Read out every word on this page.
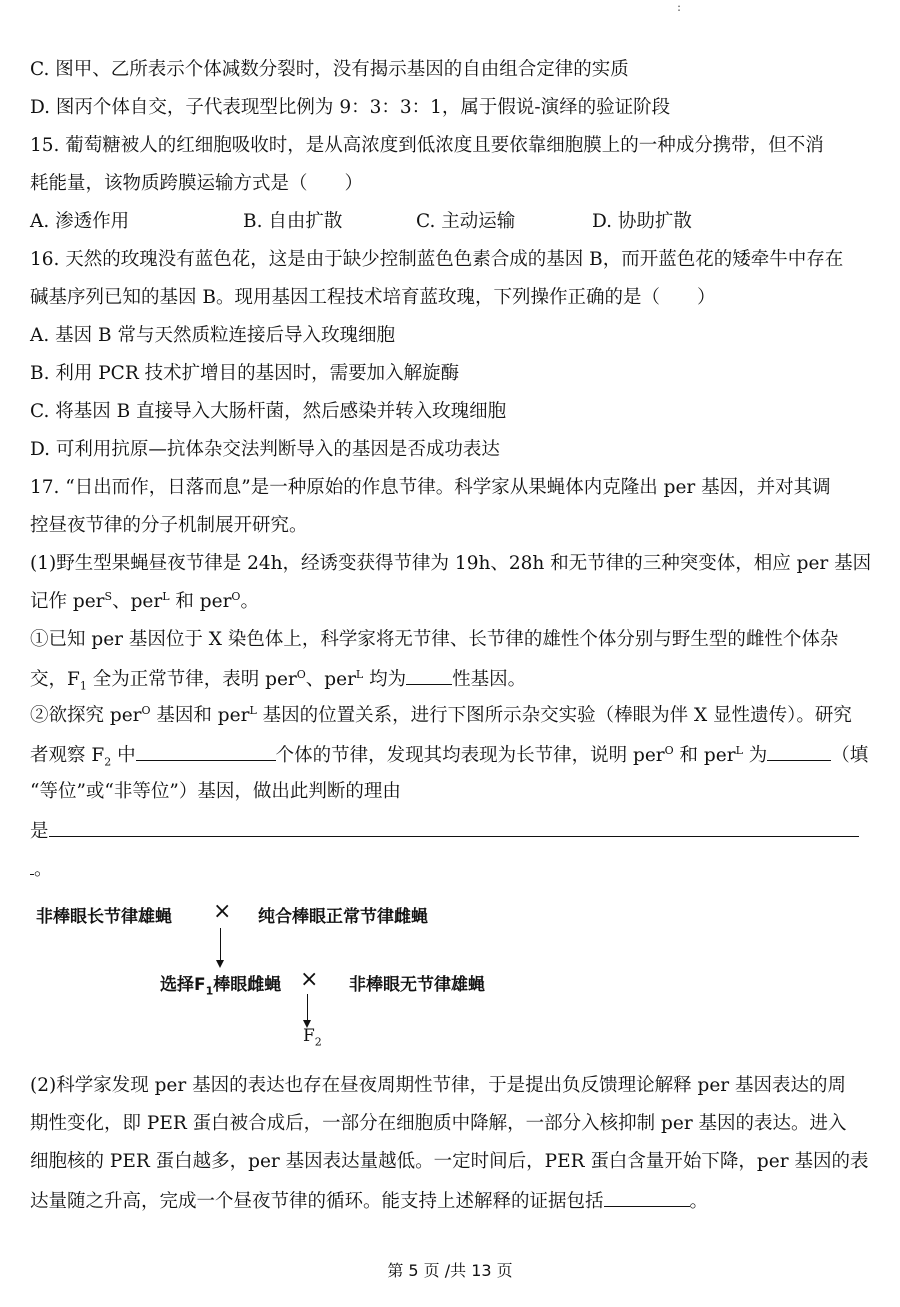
:
C. 图甲、乙所表示个体减数分裂时，没有揭示基因的自由组合定律的实质
D. 图丙个体自交，子代表现型比例为 9：3：3：1，属于假说-演绎的验证阶段
15. 葡萄糖被人的红细胞吸收时，是从高浓度到低浓度且要依靠细胞膜上的一种成分携带，但不消
耗能量，该物质跨膜运输方式是（　　）
A. 渗透作用	B. 自由扩散	C. 主动运输	D. 协助扩散
16. 天然的玫瑰没有蓝色花，这是由于缺少控制蓝色色素合成的基因 B，而开蓝色花的矮牵牛中存在
碱基序列已知的基因 B。现用基因工程技术培育蓝玫瑰，下列操作正确的是（　　）
A. 基因 B 常与天然质粒连接后导入玫瑰细胞
B. 利用 PCR 技术扩增目的基因时，需要加入解旋酶
C. 将基因 B 直接导入大肠杆菌，然后感染并转入玫瑰细胞
D. 可利用抗原—抗体杂交法判断导入的基因是否成功表达
17. “日出而作，日落而息”是一种原始的作息节律。科学家从果蝇体内克隆出 per 基因，并对其调
控昼夜节律的分子机制展开研究。
(1)野生型果蝇昼夜节律是 24h，经诱变获得节律为 19h、28h 和无节律的三种突变体，相应 per 基因
记作 per$^S$、per$^L$ 和 per$^O$。
①已知 per 基因位于 X 染色体上，科学家将无节律、长节律的雄性个体分别与野生型的雌性个体杂
交，$F_1$ 全为正常节律，表明 per$^O$、per$^L$ 均为 性基因。
②欲探究 per$^O$ 基因和 per$^L$ 基因的位置关系，进行下图所示杂交实验（棒眼为伴 X 显性遗传）。研究
者观察 $F_2$ 中	个体的节律，发现其均表现为长节律，说明 per$^O$ 和 per$^L$ 为	（填
“等位”或“非等位”）基因，做出此判断的理由
是
。
非棒眼长节律雄蝇 × 纯合棒眼正常节律雌蝇
选择$F_1$棒眼雌蝇 × 非棒眼无节律雄蝇
$F_2$
(2)科学家发现 per 基因的表达也存在昼夜周期性节律，于是提出负反馈理论解释 per 基因表达的周
期性变化，即 PER 蛋白被合成后，一部分在细胞质中降解，一部分入核抑制 per 基因的表达。进入
细胞核的 PER 蛋白越多，per 基因表达量越低。一定时间后，PER 蛋白含量开始下降，per 基因的表
达量随之升高，完成一个昼夜节律的循环。能支持上述解释的证据包括	。
第 5 页 /共 13 页
